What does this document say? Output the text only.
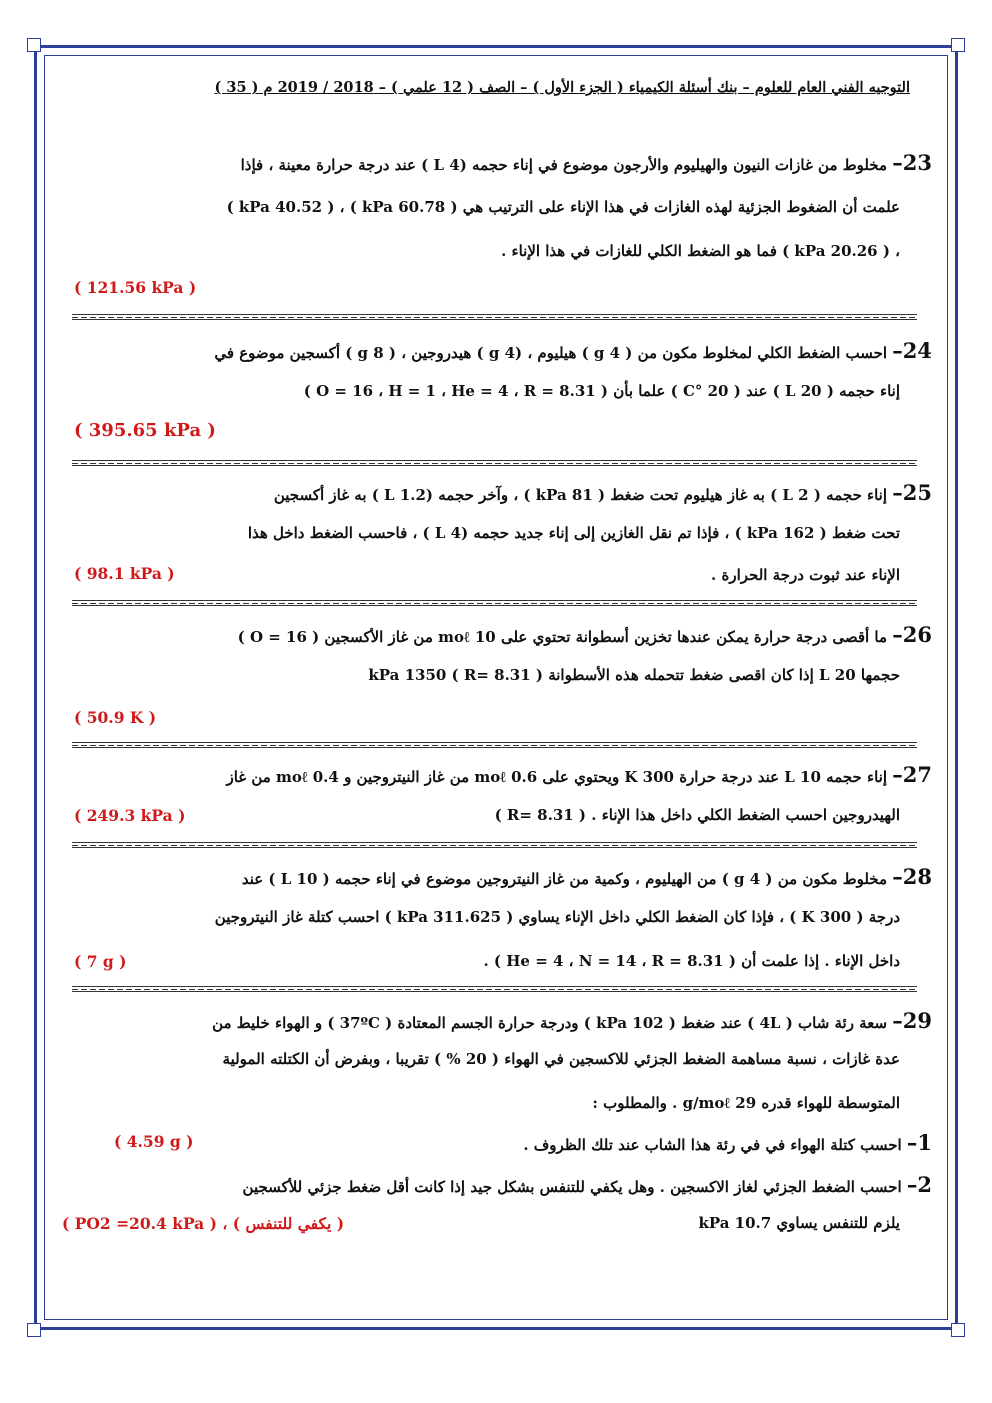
التوجيه الفني العام للعلوم – بنك أسئلة الكيمياء ( الجزء الأول ) – الصف ( 12 علمي ) – 2018 / 2019 م ( 35 )
23– مخلوط من غازات النيون والهيليوم والأرجون موضوع في إناء حجمه (L 4 ) عند درجة حرارة معينة ، فإذا
علمت أن الضغوط الجزئية لهذه الغازات في هذا الإناء على الترتيب هي ( kPa 60.78 ) ، ( kPa 40.52 )
، ( kPa 20.26 ) فما هو الضغط الكلي للغازات في هذا الإناء .
( 121.56 kPa )
24– احسب الضغط الكلي لمخلوط مكون من ( g 4 ) هيليوم ، (g 4 ) هيدروجين ، ( g 8 ) أكسجين موضوع في
إناء حجمه ( L 20 ) عند ( 20 °C ) علما بأن ( O = 16 ، H = 1 ، He = 4 ، R = 8.31 )
( 395.65 kPa )
25– إناء حجمه ( L 2 ) به غاز هيليوم تحت ضغط ( kPa 81 ) ، وآخر حجمه (L 1.2 ) به غاز أكسجين
تحت ضغط ( kPa 162 ) ، فإذا تم نقل الغازين إلى إناء جديد حجمه (L 4 ) ، فاحسب الضغط داخل هذا
الإناء عند ثبوت درجة الحرارة .
( 98.1 kPa )
26– ما أقصى درجة حرارة يمكن عندها تخزين أسطوانة تحتوي على 10 moℓ من غاز الأكسجين ( O = 16 )
حجمها L 20 إذا كان اقصى ضغط تتحمله هذه الأسطوانة kPa 1350 ( R= 8.31 )
( 50.9 K )
27– إناء حجمه L 10 عند درجة حرارة K 300 ويحتوي على moℓ 0.6 من غاز النيتروجين و moℓ 0.4 من غاز
الهيدروجين احسب الضغط الكلي داخل هذا الإناء . ( R= 8.31 )
( 249.3 kPa )
28– مخلوط مكون من ( g 4 ) من الهيليوم ، وكمية من غاز النيتروجين موضوع في إناء حجمه ( L 10 ) عند
درجة ( K 300 ) ، فإذا كان الضغط الكلي داخل الإناء يساوي ( kPa 311.625 ) احسب كتلة غاز النيتروجين
داخل الإناء . إذا علمت أن ( He = 4 ، N = 14 ، R = 8.31 ) .
( 7 g )
29– سعة رئة شاب ( 4L ) عند ضغط ( kPa 102 ) ودرجة حرارة الجسم المعتادة ( 37ºC ) و الهواء خليط من
عدة غازات ، نسبة مساهمة الضغط الجزئي للاكسجين في الهواء ( 20 % ) تقريبا ، وبفرض أن الكتلته المولية
المتوسطة للهواء قدره g/moℓ 29 . والمطلوب :
1– احسب كتلة الهواء في في رئة هذا الشاب عند تلك الظروف .
( 4.59 g )
2– احسب الضغط الجزئي لغاز الاكسجين . وهل يكفي للتنفس بشكل جيد إذا كانت أقل ضغط جزئي للأكسجين
يلزم للتنفس يساوي kPa 10.7
( PO2 =20.4 kPa ) ، ( يكفي للتنفس )
